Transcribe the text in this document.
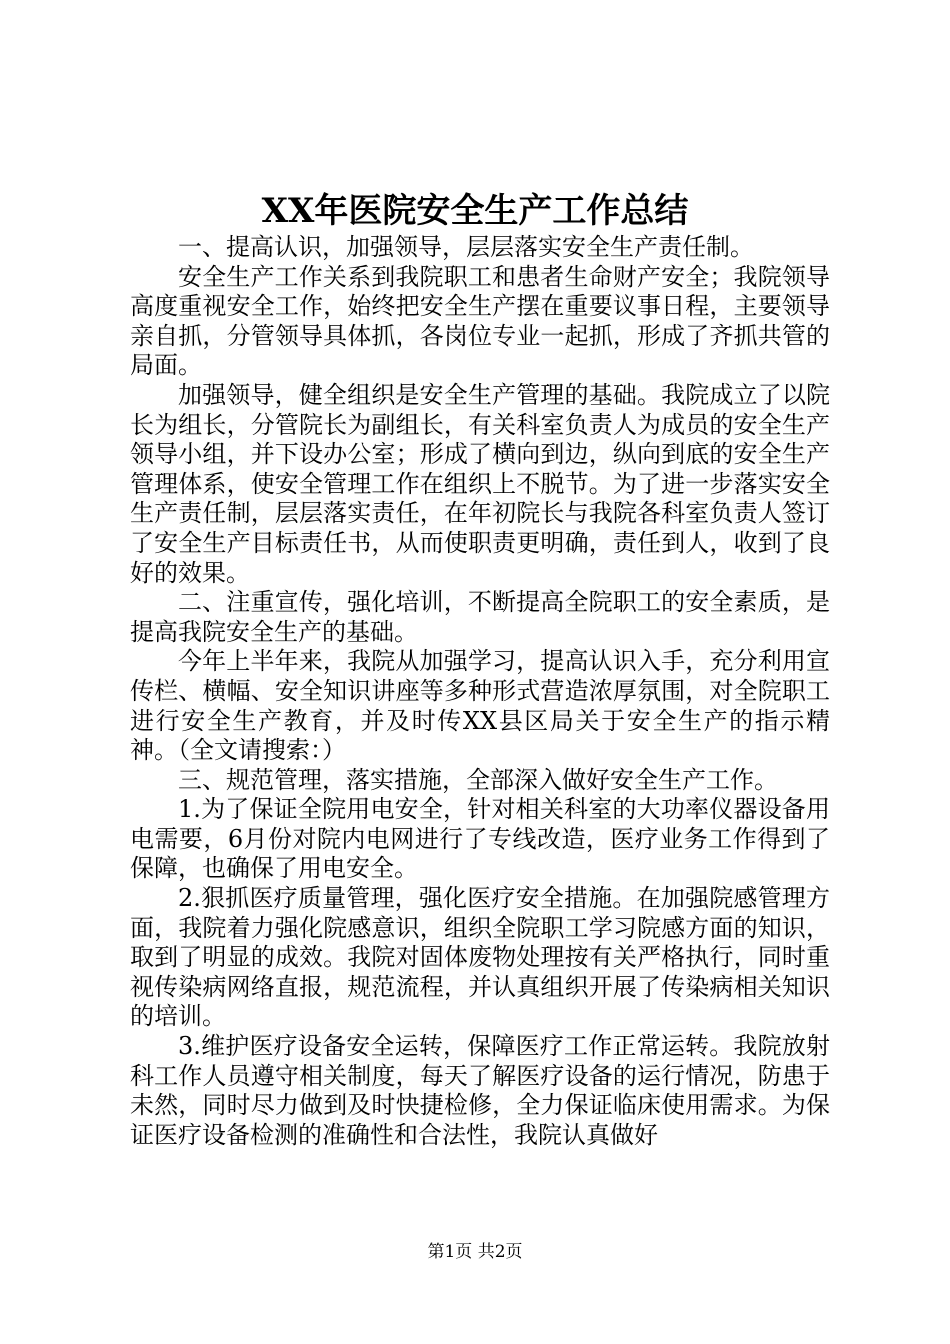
XX年医院安全生产工作总结

一、提高认识，加强领导，层层落实安全生产责任制。

安全生产工作关系到我院职工和患者生命财产安全；我院领导高度重视安全工作，始终把安全生产摆在重要议事日程，主要领导亲自抓，分管领导具体抓，各岗位专业一起抓，形成了齐抓共管的局面。

加强领导，健全组织是安全生产管理的基础。我院成立了以院长为组长，分管院长为副组长，有关科室负责人为成员的安全生产领导小组，并下设办公室；形成了横向到边，纵向到底的安全生产管理体系，使安全管理工作在组织上不脱节。为了进一步落实安全生产责任制，层层落实责任，在年初院长与我院各科室负责人签订了安全生产目标责任书，从而使职责更明确，责任到人，收到了良好的效果。

二、注重宣传，强化培训，不断提高全院职工的安全素质，是提高我院安全生产的基础。

今年上半年来，我院从加强学习，提高认识入手，充分利用宣传栏、横幅、安全知识讲座等多种形式营造浓厚氛围，对全院职工进行安全生产教育，并及时传XX县区局关于安全生产的指示精神。（全文请搜索：）

三、规范管理，落实措施，全部深入做好安全生产工作。

1.为了保证全院用电安全，针对相关科室的大功率仪器设备用电需要，6月份对院内电网进行了专线改造，医疗业务工作得到了保障，也确保了用电安全。

2.狠抓医疗质量管理，强化医疗安全措施。在加强院感管理方面，我院着力强化院感意识，组织全院职工学习院感方面的知识，取到了明显的成效。我院对固体废物处理按有关严格执行，同时重视传染病网络直报，规范流程，并认真组织开展了传染病相关知识的培训。

3.维护医疗设备安全运转，保障医疗工作正常运转。我院放射科工作人员遵守相关制度，每天了解医疗设备的运行情况，防患于未然，同时尽力做到及时快捷检修，全力保证临床使用需求。为保证医疗设备检测的准确性和合法性，我院认真做好

第1页 共2页
